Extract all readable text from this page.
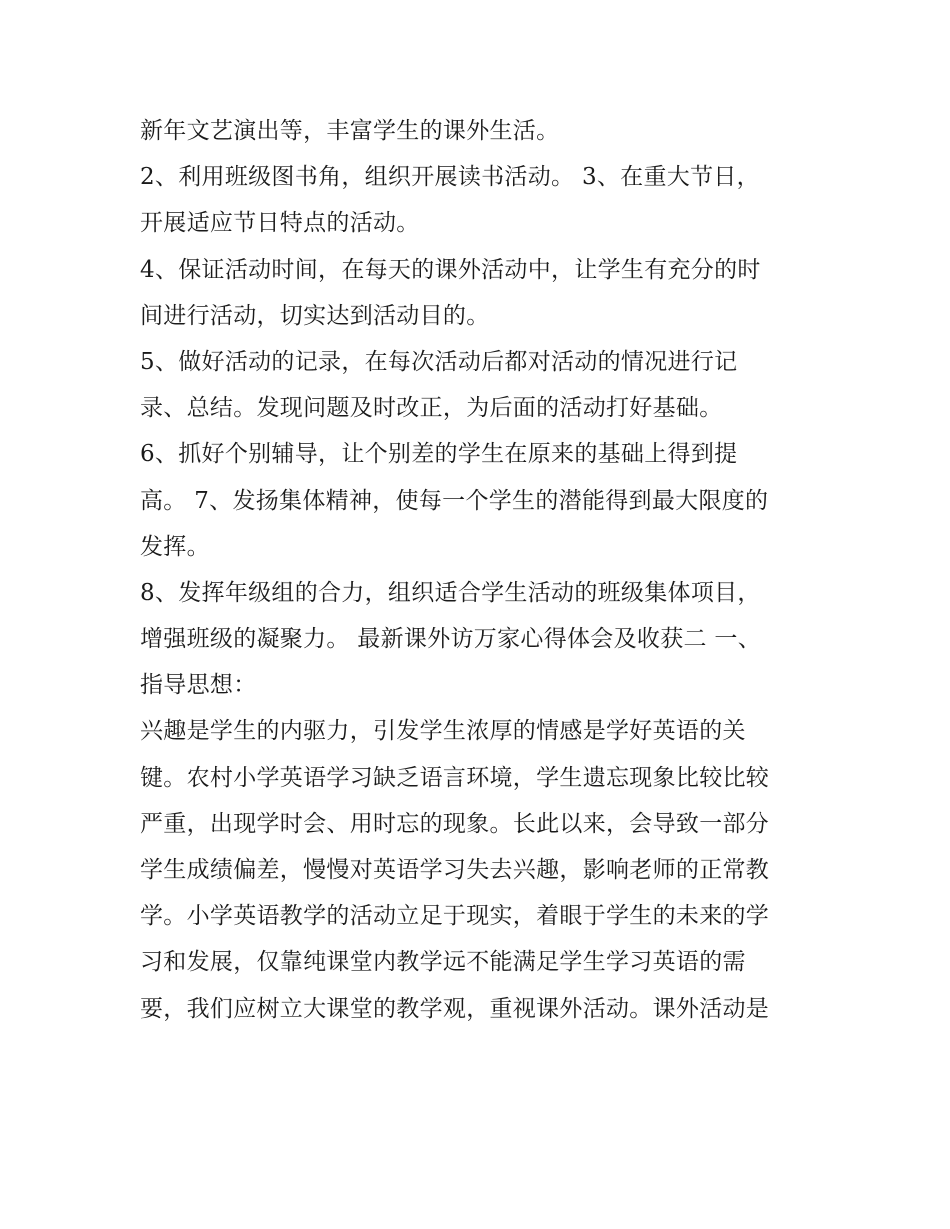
新年文艺演出等，丰富学生的课外生活。
2、利用班级图书角，组织开展读书活动。 3、在重大节日，
开展适应节日特点的活动。
4、保证活动时间，在每天的课外活动中，让学生有充分的时
间进行活动，切实达到活动目的。
5、做好活动的记录，在每次活动后都对活动的情况进行记
录、总结。发现问题及时改正，为后面的活动打好基础。
6、抓好个别辅导，让个别差的学生在原来的基础上得到提
高。 7、发扬集体精神，使每一个学生的潜能得到最大限度的
发挥。
8、发挥年级组的合力，组织适合学生活动的班级集体项目，
增强班级的凝聚力。 最新课外访万家心得体会及收获二 一、
指导思想：
兴趣是学生的内驱力，引发学生浓厚的情感是学好英语的关
键。农村小学英语学习缺乏语言环境，学生遗忘现象比较比较
严重，出现学时会、用时忘的现象。长此以来，会导致一部分
学生成绩偏差，慢慢对英语学习失去兴趣，影响老师的正常教
学。小学英语教学的活动立足于现实，着眼于学生的未来的学
习和发展，仅靠纯课堂内教学远不能满足学生学习英语的需
要，我们应树立大课堂的教学观，重视课外活动。课外活动是
